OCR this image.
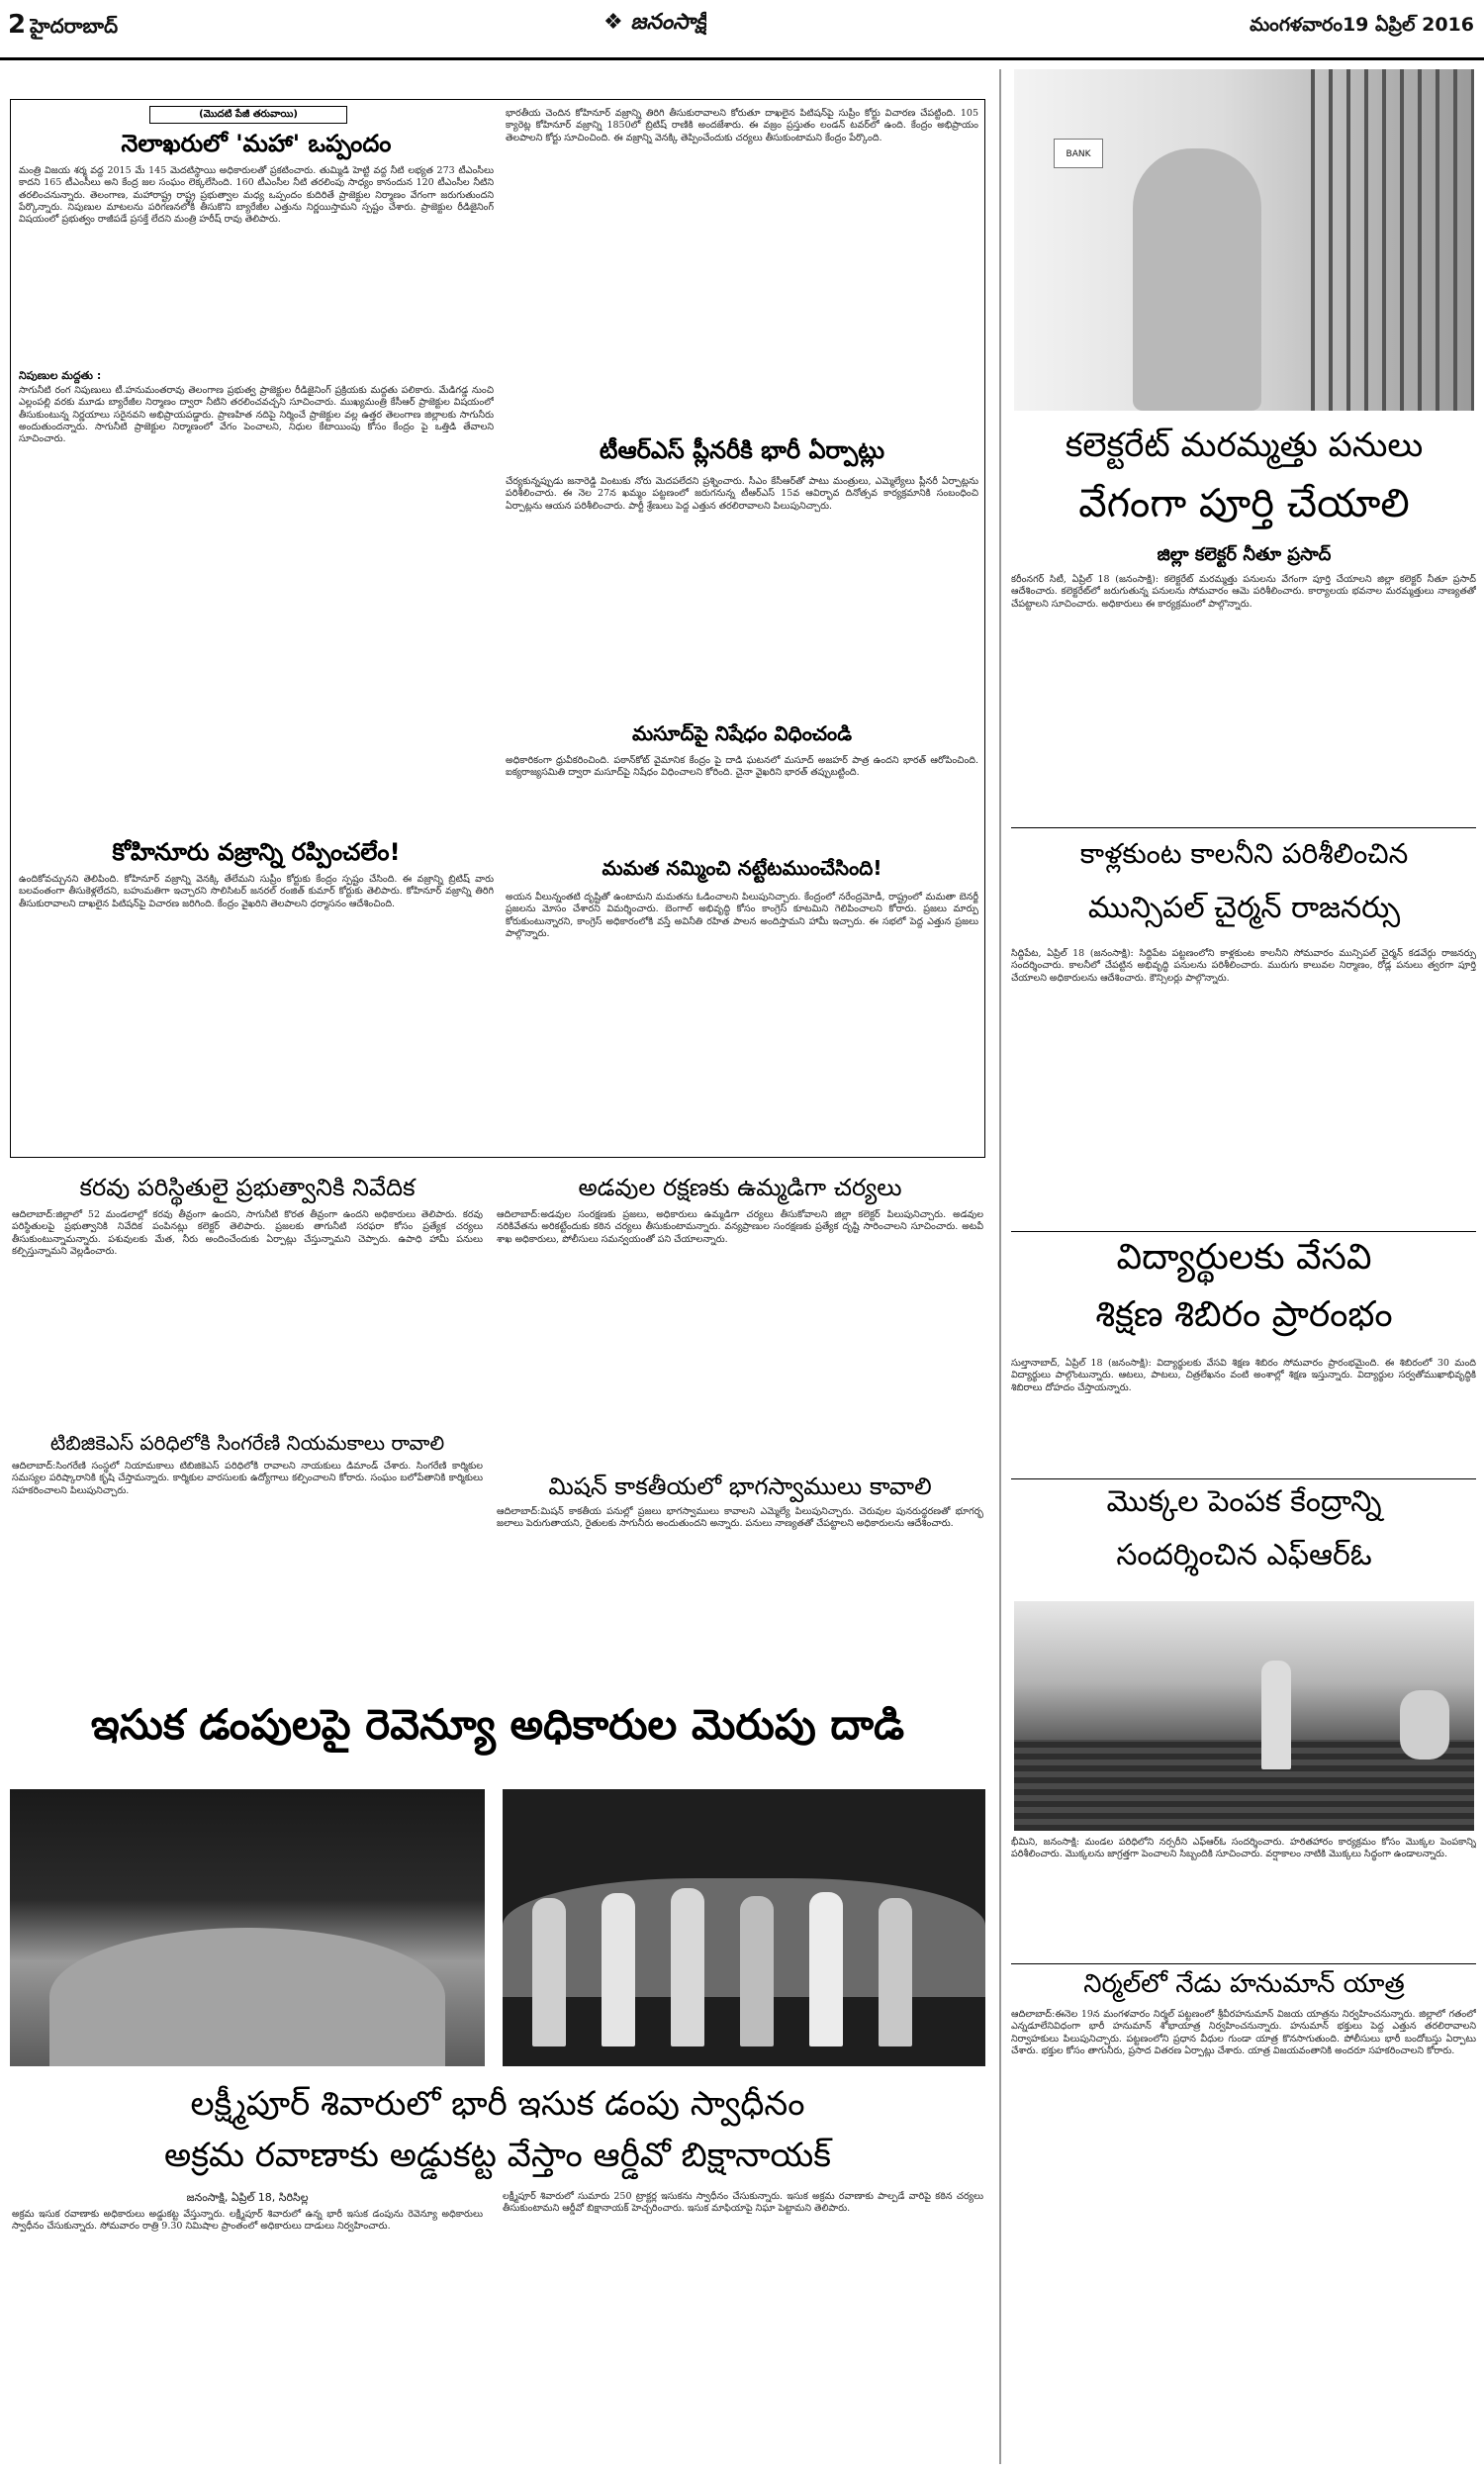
2 హైదరాబాద్	❖ జనంసాక్షి	మంగళవారం19 ఏప్రిల్ 2016
(మొదటి పేజీ తరువాయి)
నెలాఖరులో 'మహా' ఒప్పందం
మంత్రి విజయ శర్మ వద్ద 2015 మే 145 మెదటిస్థాయి అధికారులతో ప్రకటించారు. తుమ్మిడి హెట్టి వద్ద నీటి లభ్యత 273 టీఎంసీలు కాదని 165 టీఎంసీలు అని కేంద్ర జల సంఘం లెక్కలేసింది. 160 టీఎంసీల నీటి తరలింపు సాధ్యం కానందున 120 టీఎంసీల నీటిని తరలించనున్నారు. తెలంగాణ, మహారాష్ట్ర రాష్ట్ర ప్రభుత్వాల మధ్య ఒప్పందం కుదిరితే ప్రాజెక్టుల నిర్మాణం వేగంగా జరుగుతుందని పేర్కొన్నారు. నిపుణుల మాటలను పరిగణనలోకి తీసుకొని బ్యారేజీల ఎత్తును నిర్ణయిస్తామని స్పష్టం చేశారు. ప్రాజెక్టుల రీడిజైనింగ్ విషయంలో ప్రభుత్వం రాజీపడే ప్రసక్తే లేదని మంత్రి హరీష్ రావు తెలిపారు.
నిపుణుల మద్దతు :
సాగునీటి రంగ నిపుణులు టీ.హనుమంతరావు తెలంగాణ ప్రభుత్వ ప్రాజెక్టుల రీడిజైనింగ్ ప్రక్రియకు మద్దతు పలికారు. మేడిగడ్డ నుంచి ఎల్లంపల్లి వరకు మూడు బ్యారేజీల నిర్మాణం ద్వారా నీటిని తరలించవచ్చని సూచించారు. ముఖ్యమంత్రి కేసీఆర్ ప్రాజెక్టుల విషయంలో తీసుకుంటున్న నిర్ణయాలు సరైనవని అభిప్రాయపడ్డారు. ప్రాణహిత నదిపై నిర్మించే ప్రాజెక్టుల వల్ల ఉత్తర తెలంగాణ జిల్లాలకు సాగునీరు అందుతుందన్నారు. సాగునీటి ప్రాజెక్టుల నిర్మాణంలో వేగం పెంచాలని, నిధుల కేటాయింపు కోసం కేంద్రం పై ఒత్తిడి తేవాలని సూచించారు.
కోహినూరు వజ్రాన్ని రప్పించలేం!
ఉందికోవచ్చునని తెలిపింది. కోహినూర్ వజ్రాన్ని వెనక్కి తేలేమని సుప్రీం కోర్టుకు కేంద్రం స్పష్టం చేసింది. ఈ వజ్రాన్ని బ్రిటిష్ వారు బలవంతంగా తీసుకెళ్లలేదని, బహుమతిగా ఇచ్చారని సొలిసిటర్ జనరల్ రంజిత్ కుమార్ కోర్టుకు తెలిపారు. కోహినూర్ వజ్రాన్ని తిరిగి తీసుకురావాలని దాఖలైన పిటిషన్‌పై విచారణ జరిగింది. కేంద్రం వైఖరిని తెలపాలని ధర్మాసనం ఆదేశించింది.
భారతీయ చెందిన కోహినూర్ వజ్రాన్ని తిరిగి తీసుకురావాలని కోరుతూ దాఖలైన పిటిషన్‌పై సుప్రీం కోర్టు విచారణ చేపట్టింది. 105 క్యారెట్ల కోహినూర్ వజ్రాన్ని 1850లో బ్రిటిష్ రాణికి అందజేశారు. ఈ వజ్రం ప్రస్తుతం లండన్ టవర్‌లో ఉంది. కేంద్రం అభిప్రాయం తెలపాలని కోర్టు సూచించింది. ఈ వజ్రాన్ని వెనక్కి తెప్పించేందుకు చర్యలు తీసుకుంటామని కేంద్రం పేర్కొంది.
టీఆర్ఎస్ ప్లీనరీకి భారీ ఏర్పాట్లు
చేర్యకున్నప్పుడు జనారెడ్డి వింటుకు నోరు మెదపలేదని ప్రశ్నించారు. సీఎం కేసీఆర్‌తో పాటు మంత్రులు, ఎమ్మెల్యేలు ప్లీనరీ ఏర్పాట్లను పరిశీలించారు. ఈ నెల 27న ఖమ్మం పట్టణంలో జరుగనున్న టీఆర్ఎస్ 15వ ఆవిర్భావ దినోత్సవ కార్యక్రమానికి సంబంధించి ఏర్పాట్లను ఆయన పరిశీలించారు. పార్టీ శ్రేణులు పెద్ద ఎత్తున తరలిరావాలని పిలుపునిచ్చారు.
మసూద్‌పై నిషేధం విధించండి
అధికారికంగా ధ్రువీకరించింది. పఠాన్‌కోట్ వైమానిక కేంద్రం పై దాడి ఘటనలో మసూద్ అజహర్ పాత్ర ఉందని భారత్ ఆరోపించింది. ఐక్యరాజ్యసమితి ద్వారా మసూద్‌పై నిషేధం విధించాలని కోరింది. చైనా వైఖరిని భారత్ తప్పుబట్టింది.
మమత నమ్మించి నట్టేటముంచేసింది!
అయన వీలున్నంతటి దృష్టితో ఉంటామని మమతను ఓడించాలని పిలుపునిచ్చారు. కేంద్రంలో నరేంద్రమోడీ, రాష్ట్రంలో మమతా బెనర్జీ ప్రజలను మోసం చేశారని విమర్శించారు. బెంగాల్ అభివృద్ధి కోసం కాంగ్రెస్ కూటమిని గెలిపించాలని కోరారు. ప్రజలు మార్పు కోరుకుంటున్నారని, కాంగ్రెస్ అధికారంలోకి వస్తే అవినీతి రహిత పాలన అందిస్తామని హామీ ఇచ్చారు. ఈ సభలో పెద్ద ఎత్తున ప్రజలు పాల్గొన్నారు.
కరవు పరిస్థితులై ప్రభుత్వానికి నివేదిక
ఆదిలాబాద్:జిల్లాలో 52 మండలాల్లో కరవు తీవ్రంగా ఉందని, సాగునీటి కొరత తీవ్రంగా ఉందని అధికారులు తెలిపారు. కరవు పరిస్థితులపై ప్రభుత్వానికి నివేదిక పంపినట్లు కలెక్టర్ తెలిపారు. ప్రజలకు తాగునీటి సరఫరా కోసం ప్రత్యేక చర్యలు తీసుకుంటున్నామన్నారు. పశువులకు మేత, నీరు అందించేందుకు ఏర్పాట్లు చేస్తున్నామని చెప్పారు. ఉపాధి హామీ పనులు కల్పిస్తున్నామని వెల్లడించారు.
టిబిజికెఎస్ పరిధిలోకి సింగరేణి నియమకాలు రావాలి
ఆదిలాబాద్:సింగరేణి సంస్థలో నియామకాలు టిబిజికెఎస్ పరిధిలోకి రావాలని నాయకులు డిమాండ్ చేశారు. సింగరేణి కార్మికుల సమస్యల పరిష్కారానికి కృషి చేస్తామన్నారు. కార్మికుల వారసులకు ఉద్యోగాలు కల్పించాలని కోరారు. సంఘం బలోపేతానికి కార్మికులు సహకరించాలని పిలుపునిచ్చారు.
అడవుల రక్షణకు ఉమ్మడిగా చర్యలు
ఆదిలాబాద్:అడవుల సంరక్షణకు ప్రజలు, అధికారులు ఉమ్మడిగా చర్యలు తీసుకోవాలని జిల్లా కలెక్టర్ పిలుపునిచ్చారు. అడవుల నరికివేతను అరికట్టేందుకు కఠిన చర్యలు తీసుకుంటామన్నారు. వన్యప్రాణుల సంరక్షణకు ప్రత్యేక దృష్టి సారించాలని సూచించారు. అటవీ శాఖ అధికారులు, పోలీసులు సమన్వయంతో పని చేయాలన్నారు.
మిషన్ కాకతీయలో భాగస్వాములు కావాలి
ఆదిలాబాద్:మిషన్ కాకతీయ పనుల్లో ప్రజలు భాగస్వాములు కావాలని ఎమ్మెల్యే పిలుపునిచ్చారు. చెరువుల పునరుద్ధరణతో భూగర్భ జలాలు పెరుగుతాయని, రైతులకు సాగునీరు అందుతుందని అన్నారు. పనులు నాణ్యతతో చేపట్టాలని అధికారులను ఆదేశించారు.
ఇసుక డంపులపై రెవెన్యూ అధికారుల మెరుపు దాడి
లక్ష్మీపూర్ శివారులో భారీ ఇసుక డంపు స్వాధీనం
అక్రమ రవాణాకు అడ్డుకట్ట వేస్తాం ఆర్డీవో బిక్షానాయక్
జనంసాక్షి, ఏప్రిల్ 18, సిరిసిల్ల
అక్రమ ఇసుక రవాణాకు అధికారులు అడ్డుకట్ట వేస్తున్నారు. లక్ష్మీపూర్ శివారులో ఉన్న భారీ ఇసుక డంపును రెవెన్యూ అధికారులు స్వాధీనం చేసుకున్నారు. సోమవారం రాత్రి 9.30 నిమిషాల ప్రాంతంలో అధికారులు దాడులు నిర్వహించారు.
లక్ష్మీపూర్ శివారులో సుమారు 250 ట్రాక్టర్ల ఇసుకను స్వాధీనం చేసుకున్నారు. ఇసుక అక్రమ రవాణాకు పాల్పడే వారిపై కఠిన చర్యలు తీసుకుంటామని ఆర్డీవో బిక్షానాయక్ హెచ్చరించారు. ఇసుక మాఫియాపై నిఘా పెట్టామని తెలిపారు.
BANK
కలెక్టరేట్ మరమ్మత్తు పనులు
వేగంగా పూర్తి చేయాలి
జిల్లా కలెక్టర్ నీతూ ప్రసాద్
కరీంనగర్ సిటీ, ఏప్రిల్ 18 (జనంసాక్షి): కలెక్టరేట్ మరమ్మత్తు పనులను వేగంగా పూర్తి చేయాలని జిల్లా కలెక్టర్ నీతూ ప్రసాద్ ఆదేశించారు. కలెక్టరేట్‌లో జరుగుతున్న పనులను సోమవారం ఆమె పరిశీలించారు. కార్యాలయ భవనాల మరమ్మత్తులు నాణ్యతతో చేపట్టాలని సూచించారు. అధికారులు ఈ కార్యక్రమంలో పాల్గొన్నారు.
కాళ్లకుంట కాలనీని పరిశీలించిన
మున్సిపల్ చైర్మన్ రాజనర్సు
సిద్దిపేట, ఏప్రిల్ 18 (జనంసాక్షి): సిద్దిపేట పట్టణంలోని కాళ్లకుంట కాలనీని సోమవారం మున్సిపల్ చైర్మన్ కడవేర్గు రాజనర్సు సందర్శించారు. కాలనీలో చేపట్టిన అభివృద్ధి పనులను పరిశీలించారు. మురుగు కాలువల నిర్మాణం, రోడ్ల పనులు త్వరగా పూర్తి చేయాలని అధికారులను ఆదేశించారు. కౌన్సిలర్లు పాల్గొన్నారు.
విద్యార్థులకు వేసవి
శిక్షణ శిబిరం ప్రారంభం
సుల్తానాబాద్, ఏప్రిల్ 18 (జనంసాక్షి): విద్యార్థులకు వేసవి శిక్షణ శిబిరం సోమవారం ప్రారంభమైంది. ఈ శిబిరంలో 30 మంది విద్యార్థులు పాల్గొంటున్నారు. ఆటలు, పాటలు, చిత్రలేఖనం వంటి అంశాల్లో శిక్షణ ఇస్తున్నారు. విద్యార్థుల సర్వతోముఖాభివృద్ధికి శిబిరాలు దోహదం చేస్తాయన్నారు.
మొక్కల పెంపక కేంద్రాన్ని
సందర్శించిన ఎఫ్ఆర్ఓ
భీమిని, జనంసాక్షి: మండల పరిధిలోని నర్సరీని ఎఫ్ఆర్ఓ సందర్శించారు. హరితహారం కార్యక్రమం కోసం మొక్కల పెంపకాన్ని పరిశీలించారు. మొక్కలను జాగ్రత్తగా పెంచాలని సిబ్బందికి సూచించారు. వర్షాకాలం నాటికి మొక్కలు సిద్ధంగా ఉండాలన్నారు.
నిర్మల్‌లో నేడు హనుమాన్ యాత్ర
ఆదిలాబాద్:ఈనెల 19న మంగళవారం నిర్మల్ పట్టణంలో శ్రీవీరహనుమాన్ విజయ యాత్రను నిర్వహించనున్నారు. జిల్లాలో గతంలో ఎన్నడూలేనివిధంగా భారీ హనుమాన్ శోభాయాత్ర నిర్వహించనున్నారు. హనుమాన్ భక్తులు పెద్ద ఎత్తున తరలిరావాలని నిర్వాహకులు పిలుపునిచ్చారు. పట్టణంలోని ప్రధాన వీధుల గుండా యాత్ర కొనసాగుతుంది. పోలీసులు భారీ బందోబస్తు ఏర్పాటు చేశారు. భక్తుల కోసం తాగునీరు, ప్రసాద వితరణ ఏర్పాట్లు చేశారు. యాత్ర విజయవంతానికి అందరూ సహకరించాలని కోరారు.
